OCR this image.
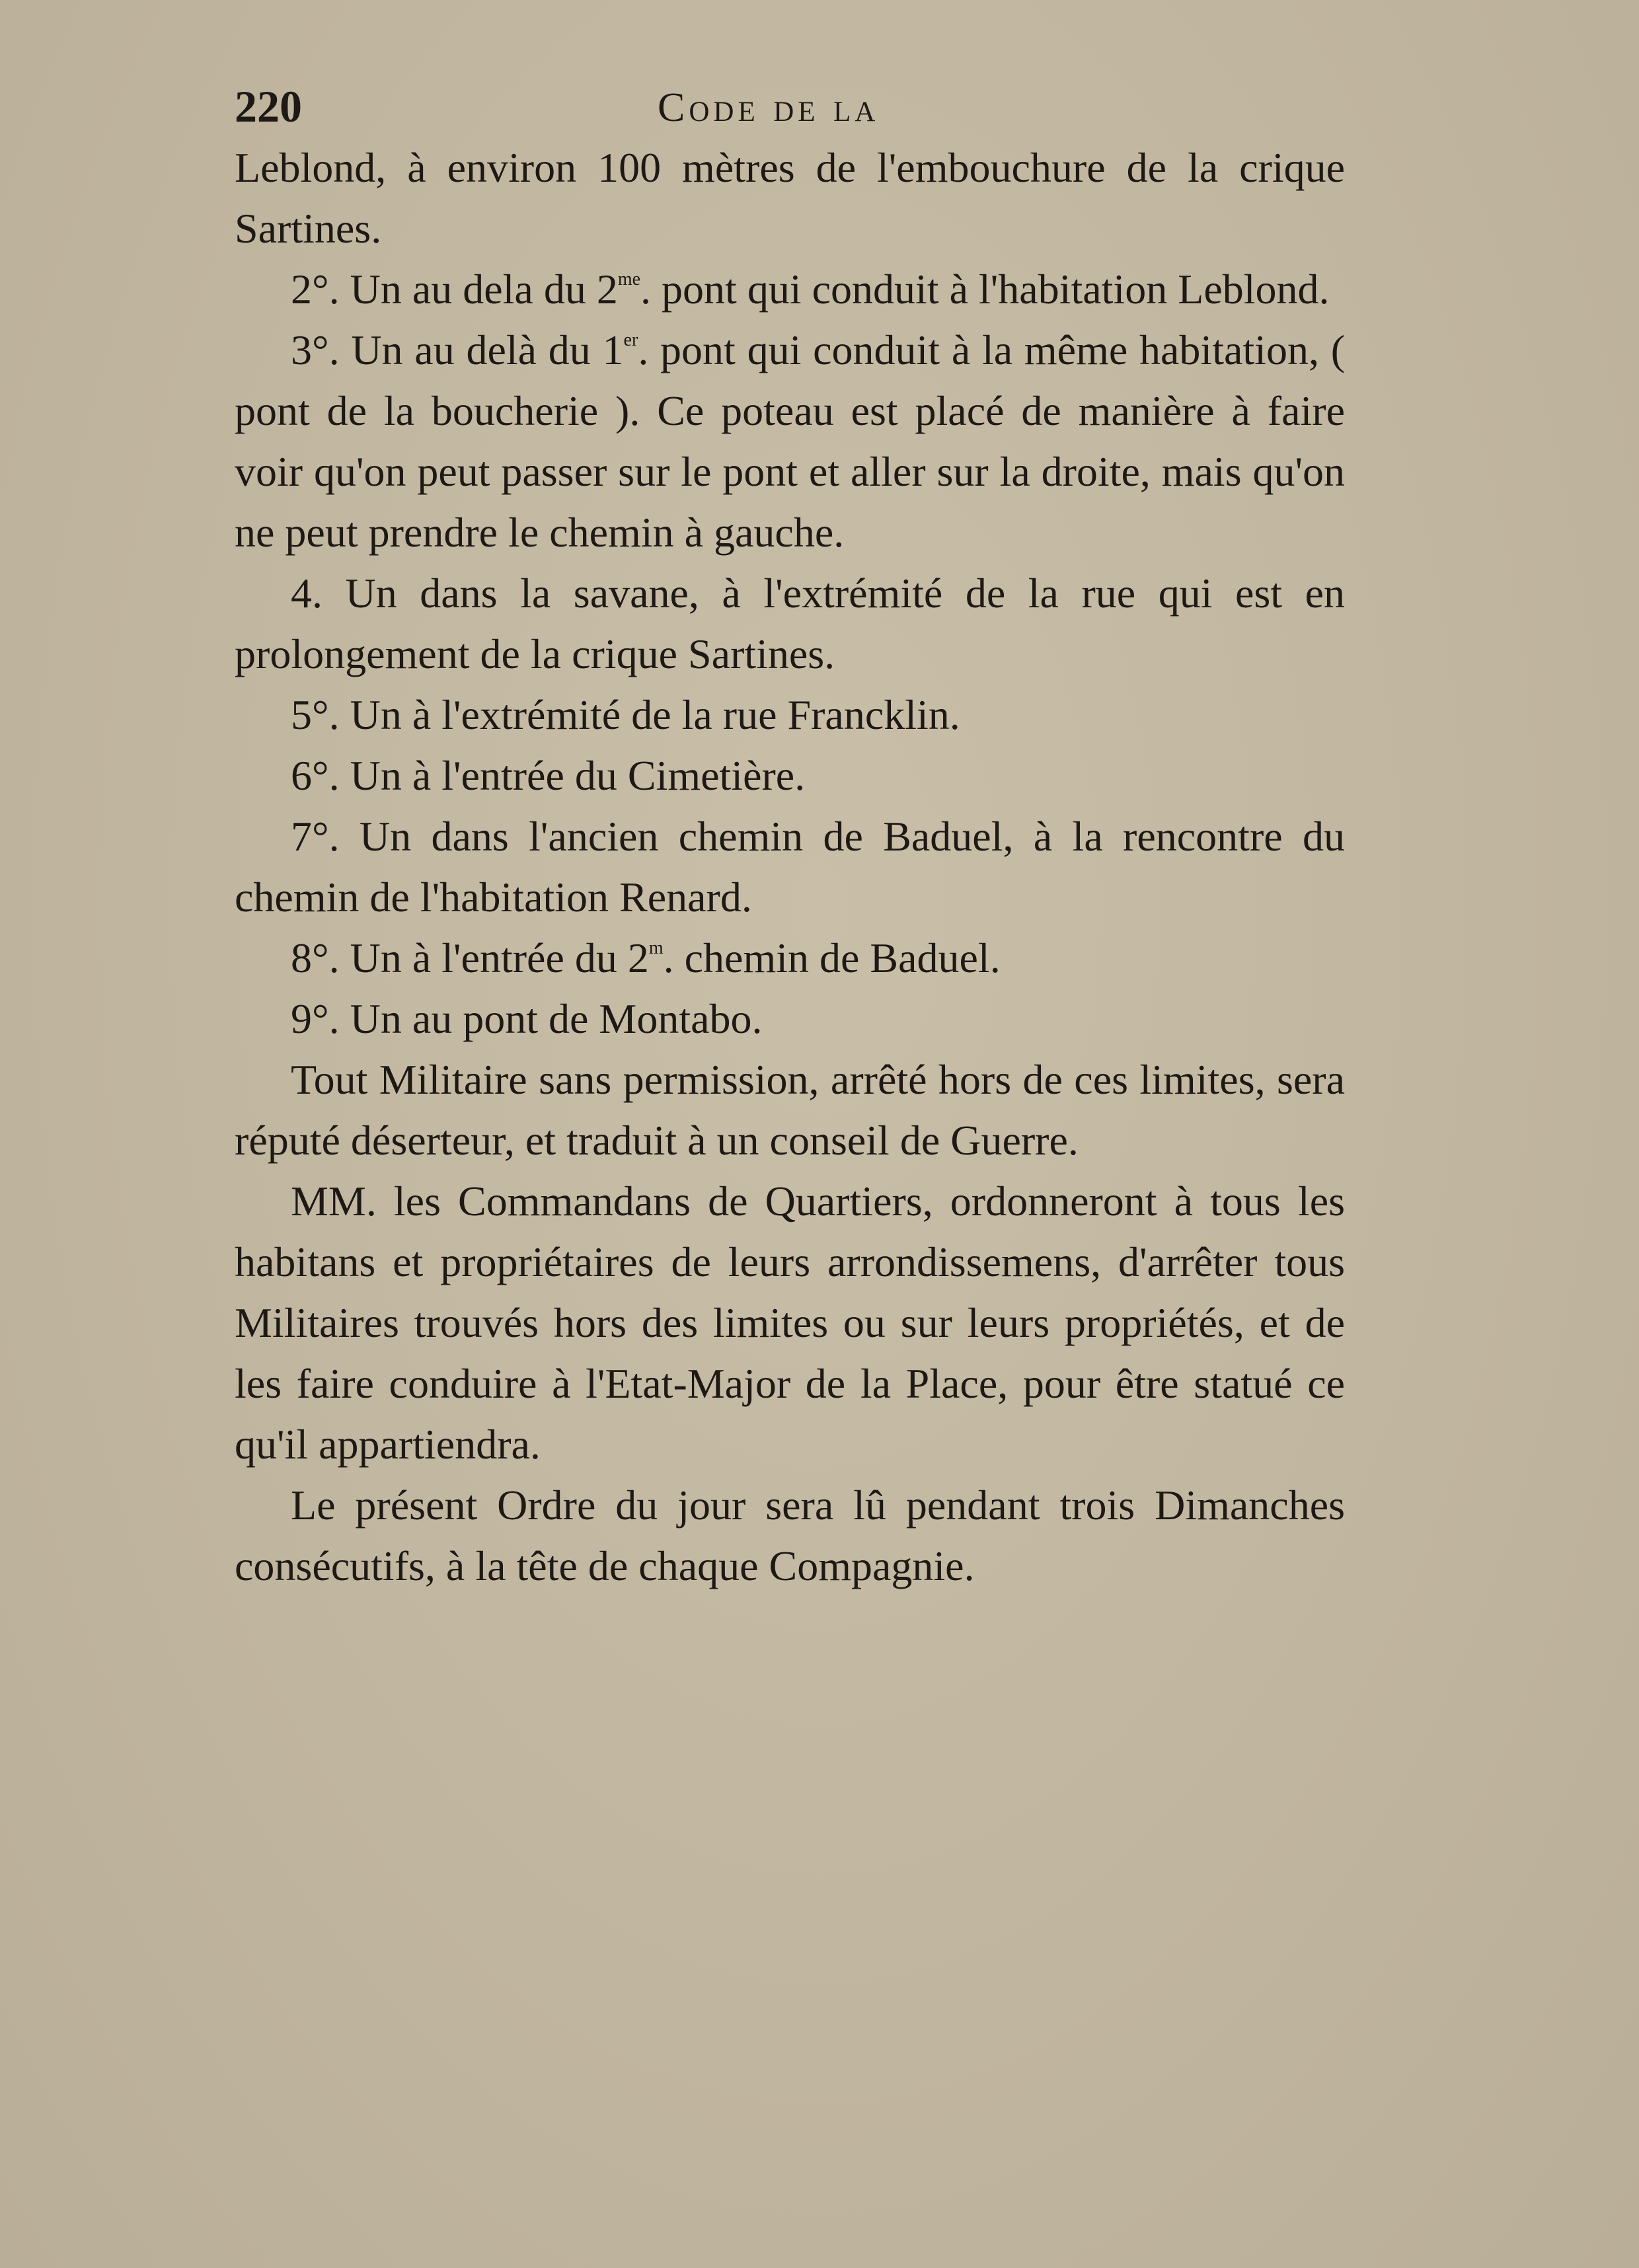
220	Code de la

Leblond, à environ 100 mètres de l'embouchure de la crique Sartines.

2°. Un au dela du $2^{me}$. pont qui conduit à l'habitation Leblond.

3°. Un au delà du 1er. pont qui conduit à la même habitation, ( pont de la boucherie ). Ce poteau est placé de manière à faire voir qu'on peut passer sur le pont et aller sur la droite, mais qu'on ne peut prendre le chemin à gauche.

4. Un dans la savane, à l'extrémité de la rue qui est en prolongement de la crique Sartines.

5°. Un à l'extrémité de la rue Francklin.

6°. Un à l'entrée du Cimetière.

7°. Un dans l'ancien chemin de Baduel, à la rencontre du chemin de l'habitation Renard.

8°. Un à l'entrée du 2$^m$. chemin de Baduel.

9°. Un au pont de Montabo.

Tout Militaire sans permission, arrêté hors de ces limites, sera réputé déserteur, et traduit à un conseil de Guerre.

MM. les Commandans de Quartiers, ordonneront à tous les habitans et propriétaires de leurs arrondissemens, d'arrêter tous Militaires trouvés hors des limites ou sur leurs propriétés, et de les faire conduire à l'Etat-Major de la Place, pour être statué ce qu'il appartiendra.

Le présent Ordre du jour sera lû pendant trois Dimanches consécutifs, à la tête de chaque Compagnie.
